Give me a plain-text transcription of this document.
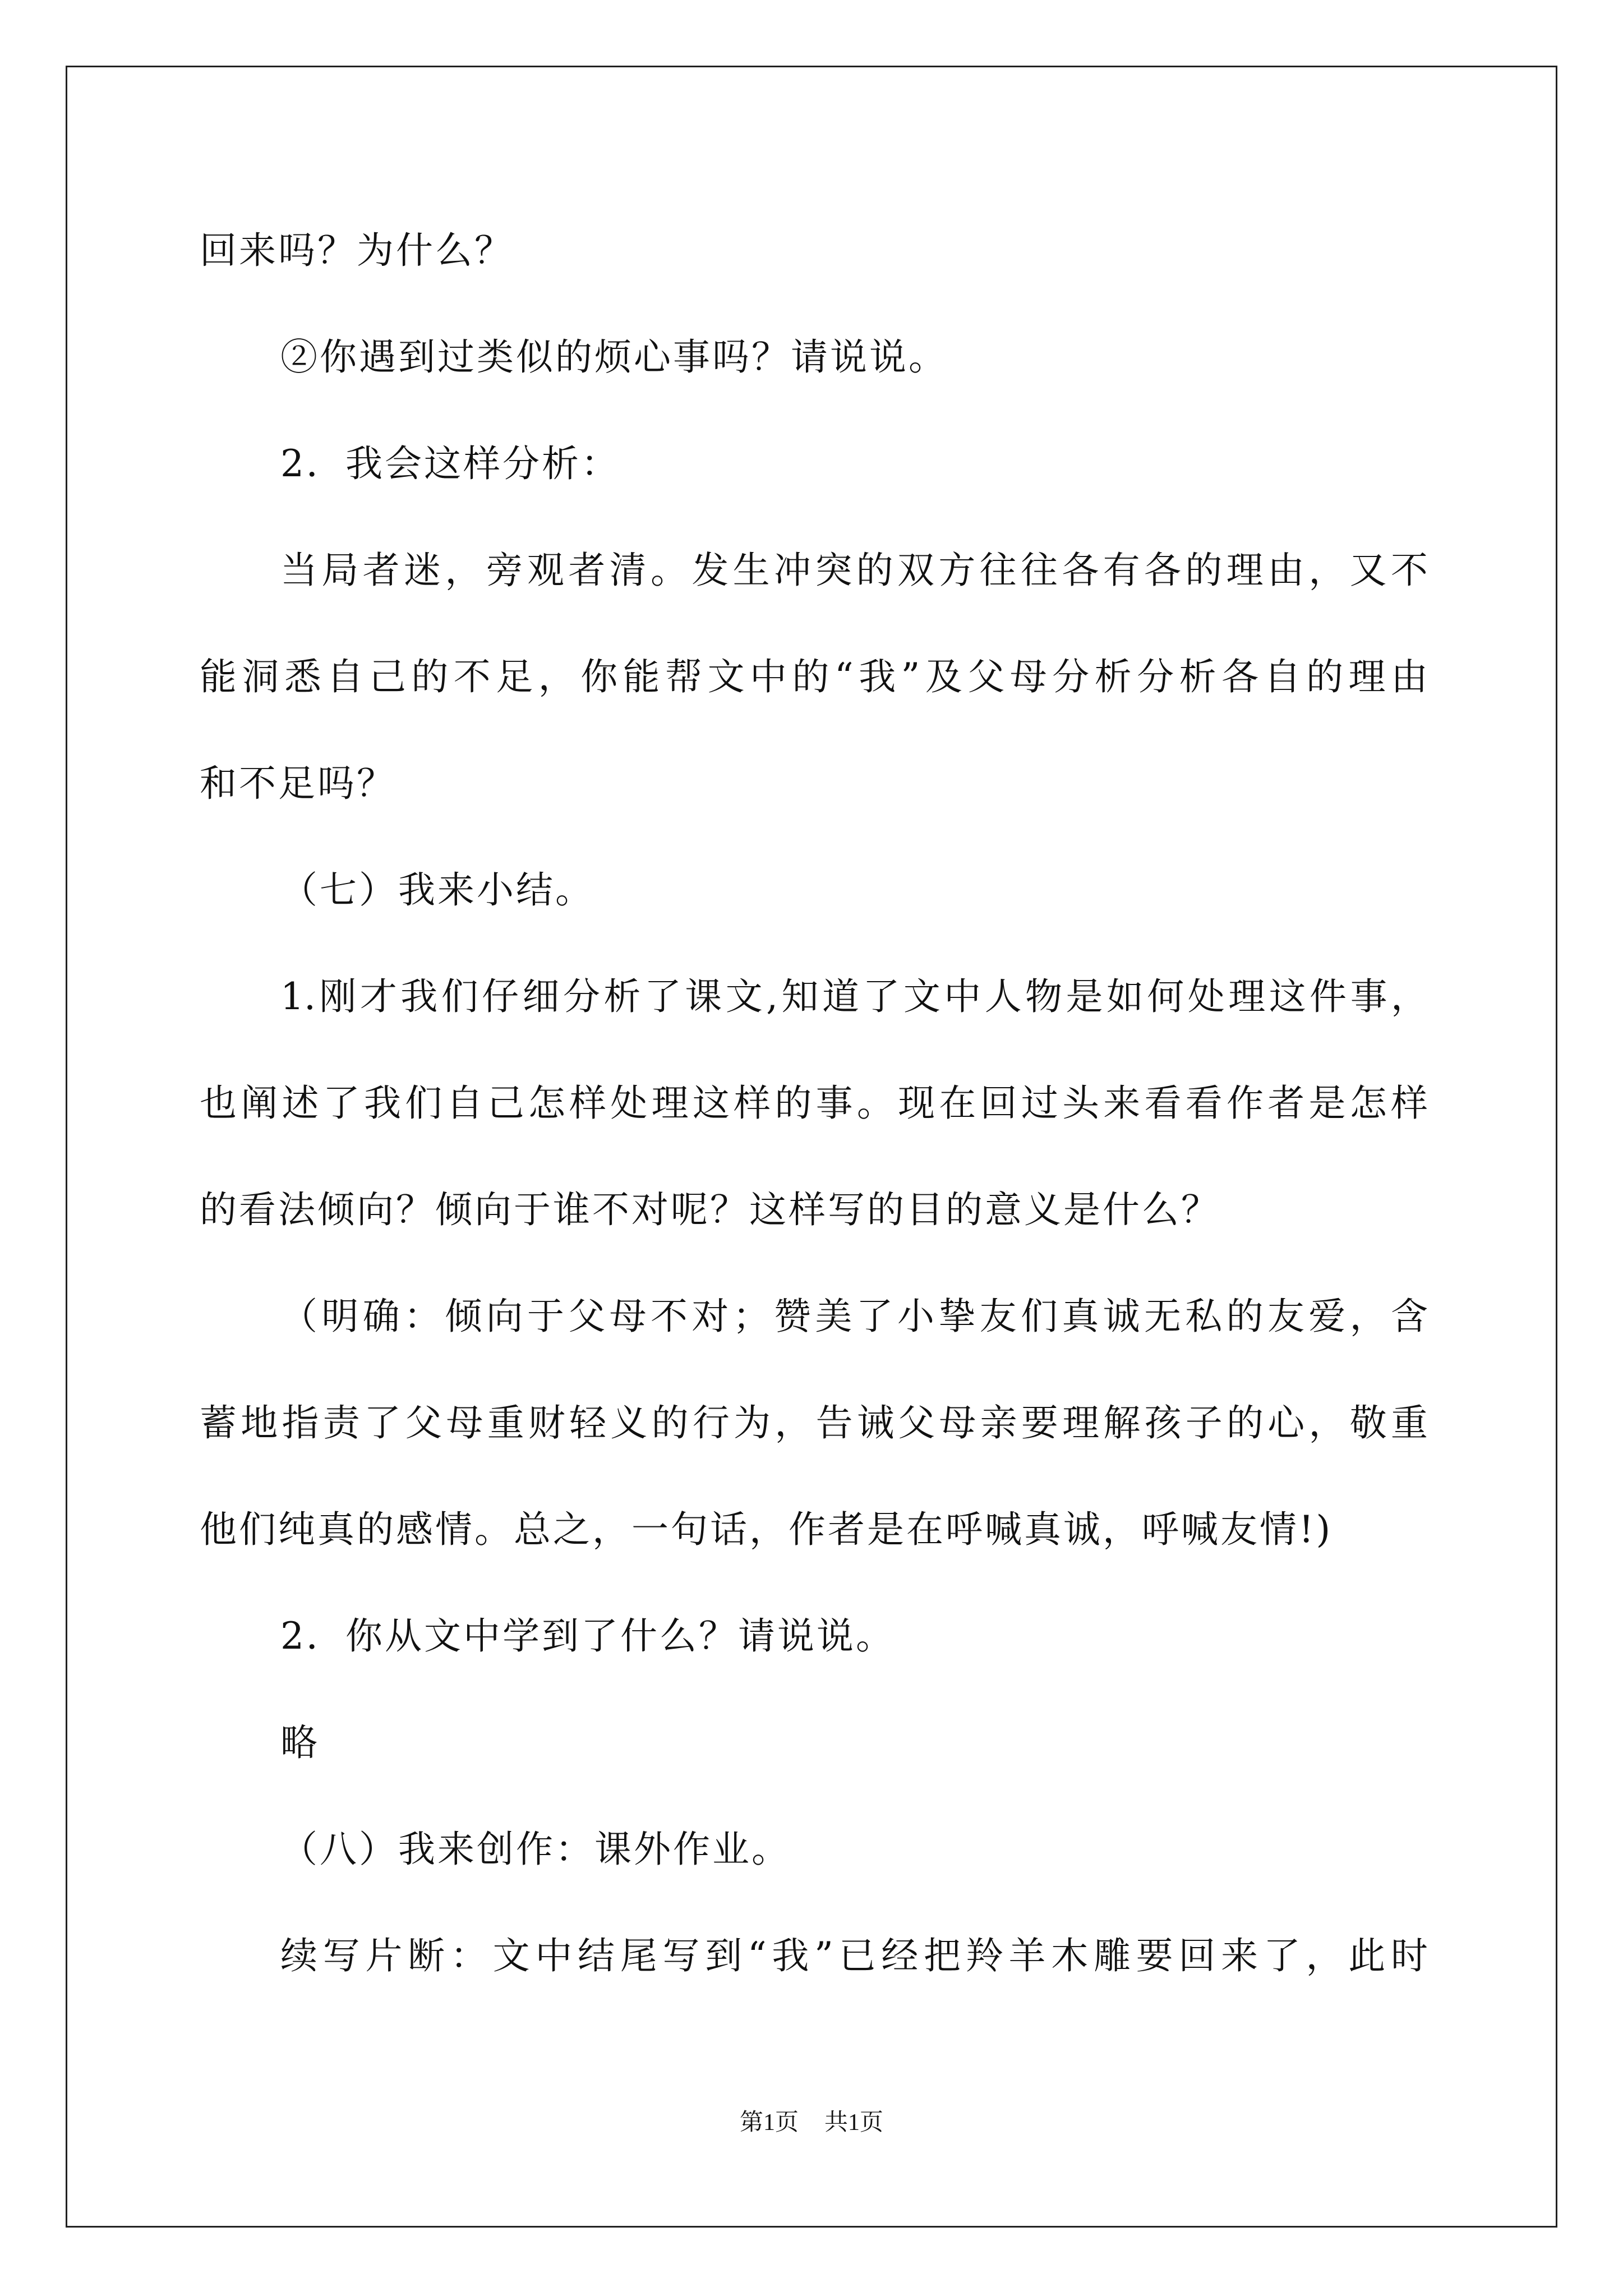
回来吗？为什么？
②你遇到过类似的烦心事吗？请说说。
2．我会这样分析：
当局者迷，旁观者清。发生冲突的双方往往各有各的理由，又不
能洞悉自己的不足，你能帮文中的“我”及父母分析分析各自的理由
和不足吗？
（七）我来小结。
1.刚才我们仔细分析了课文,知道了文中人物是如何处理这件事，
也阐述了我们自己怎样处理这样的事。现在回过头来看看作者是怎样
的看法倾向？倾向于谁不对呢？这样写的目的意义是什么？
（明确：倾向于父母不对；赞美了小挚友们真诚无私的友爱，含
蓄地指责了父母重财轻义的行为，告诫父母亲要理解孩子的心，敬重
他们纯真的感情。总之，一句话，作者是在呼喊真诚，呼喊友情!)
2．你从文中学到了什么？请说说。
略
（八）我来创作：课外作业。
续写片断：文中结尾写到“我”已经把羚羊木雕要回来了，此时
第1页 共1页
